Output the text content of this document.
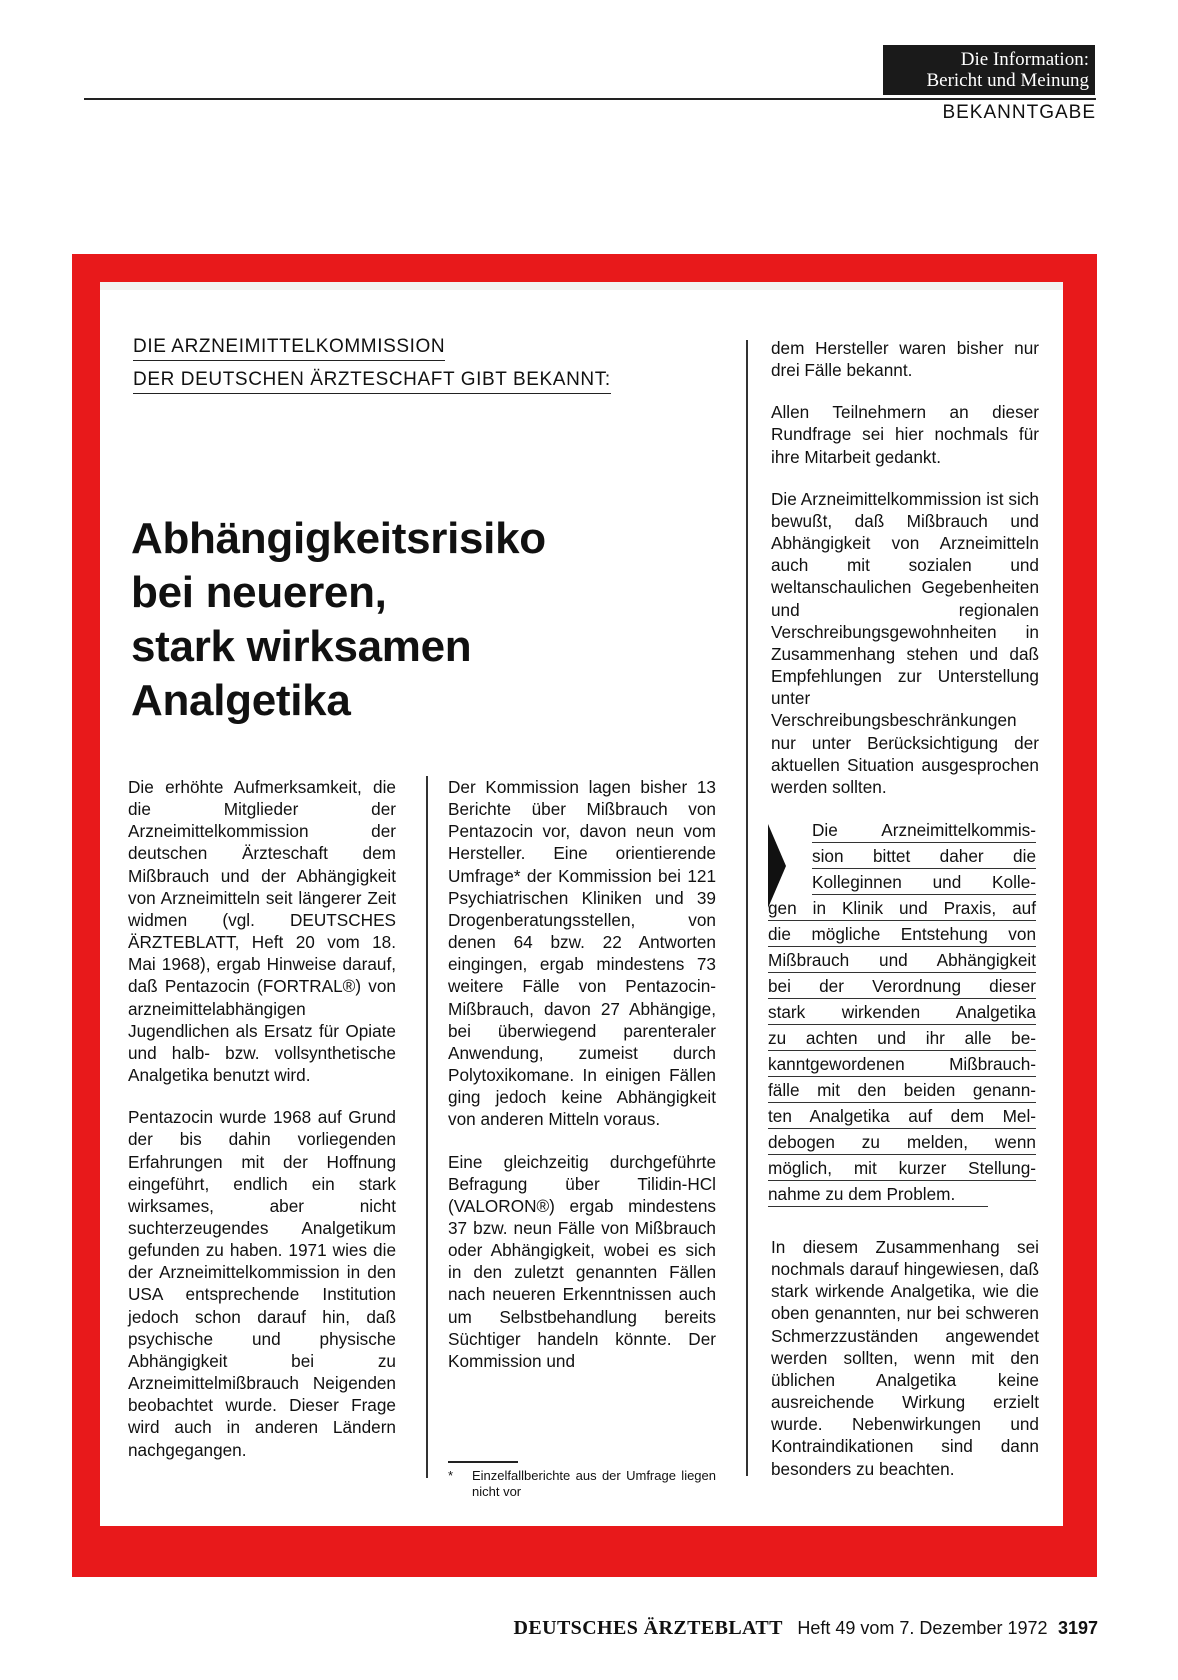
Die Information:
Bericht und Meinung
BEKANNTGABE
DIE ARZNEIMITTELKOMMISSION
DER DEUTSCHEN ÄRZTESCHAFT GIBT BEKANNT:
Abhängigkeitsrisiko
bei neueren,
stark wirksamen
Analgetika

Die erhöhte Aufmerksamkeit, die die Mitglieder der Arzneimittelkommission der deutschen Ärzteschaft dem Mißbrauch und der Abhängigkeit von Arzneimitteln seit längerer Zeit widmen (vgl. DEUTSCHES ÄRZTEBLATT, Heft 20 vom 18. Mai 1968), ergab Hinweise darauf, daß Pentazocin (FORTRAL®) von arzneimittelabhängigen Jugendlichen als Ersatz für Opiate und halb- bzw. vollsynthetische Analgetika benutzt wird.

Pentazocin wurde 1968 auf Grund der bis dahin vorliegenden Erfahrungen mit der Hoffnung eingeführt, endlich ein stark wirksames, aber nicht suchterzeugendes Analgetikum gefunden zu haben. 1971 wies die der Arzneimittelkommission in den USA entsprechende Institution jedoch schon darauf hin, daß psychische und physische Abhängigkeit bei zu Arzneimittelmißbrauch Neigenden beobachtet wurde. Dieser Frage wird auch in anderen Ländern nachgegangen.

Der Kommission lagen bisher 13 Berichte über Mißbrauch von Pentazocin vor, davon neun vom Hersteller. Eine orientierende Umfrage* der Kommission bei 121 Psychiatrischen Kliniken und 39 Drogenberatungsstellen, von denen 64 bzw. 22 Antworten eingingen, ergab mindestens 73 weitere Fälle von Pentazocin-Mißbrauch, davon 27 Abhängige, bei überwiegend parenteraler Anwendung, zumeist durch Polytoxikomane. In einigen Fällen ging jedoch keine Abhängigkeit von anderen Mitteln voraus.

Eine gleichzeitig durchgeführte Befragung über Tilidin-HCl (VALORON®) ergab mindestens 37 bzw. neun Fälle von Mißbrauch oder Abhängigkeit, wobei es sich in den zuletzt genannten Fällen nach neueren Erkenntnissen auch um Selbstbehandlung bereits Süchtiger handeln könnte. Der Kommission und

* Einzelfallberichte aus der Umfrage liegen nicht vor

dem Hersteller waren bisher nur drei Fälle bekannt.

Allen Teilnehmern an dieser Rundfrage sei hier nochmals für ihre Mitarbeit gedankt.

Die Arzneimittelkommission ist sich bewußt, daß Mißbrauch und Abhängigkeit von Arzneimitteln auch mit sozialen und weltanschaulichen Gegebenheiten und regionalen Verschreibungsgewohnheiten in Zusammenhang stehen und daß Empfehlungen zur Unterstellung unter Verschreibungsbeschränkungen nur unter Berücksichtigung der aktuellen Situation ausgesprochen werden sollten.

Die Arzneimittelkommis-
sion bittet daher die
Kolleginnen und Kolle-
gen in Klinik und Praxis, auf
die mögliche Entstehung von
Mißbrauch und Abhängigkeit
bei der Verordnung dieser
stark wirkenden Analgetika
zu achten und ihr alle be-
kanntgewordenen Mißbrauch-
fälle mit den beiden genann-
ten Analgetika auf dem Mel-
debogen zu melden, wenn
möglich, mit kurzer Stellung-
nahme zu dem Problem.

In diesem Zusammenhang sei nochmals darauf hingewiesen, daß stark wirkende Analgetika, wie die oben genannten, nur bei schweren Schmerzzuständen angewendet werden sollten, wenn mit den üblichen Analgetika keine ausreichende Wirkung erzielt wurde. Nebenwirkungen und Kontraindikationen sind dann besonders zu beachten.

DEUTSCHES ÄRZTEBLATT Heft 49 vom 7. Dezember 1972 3197
